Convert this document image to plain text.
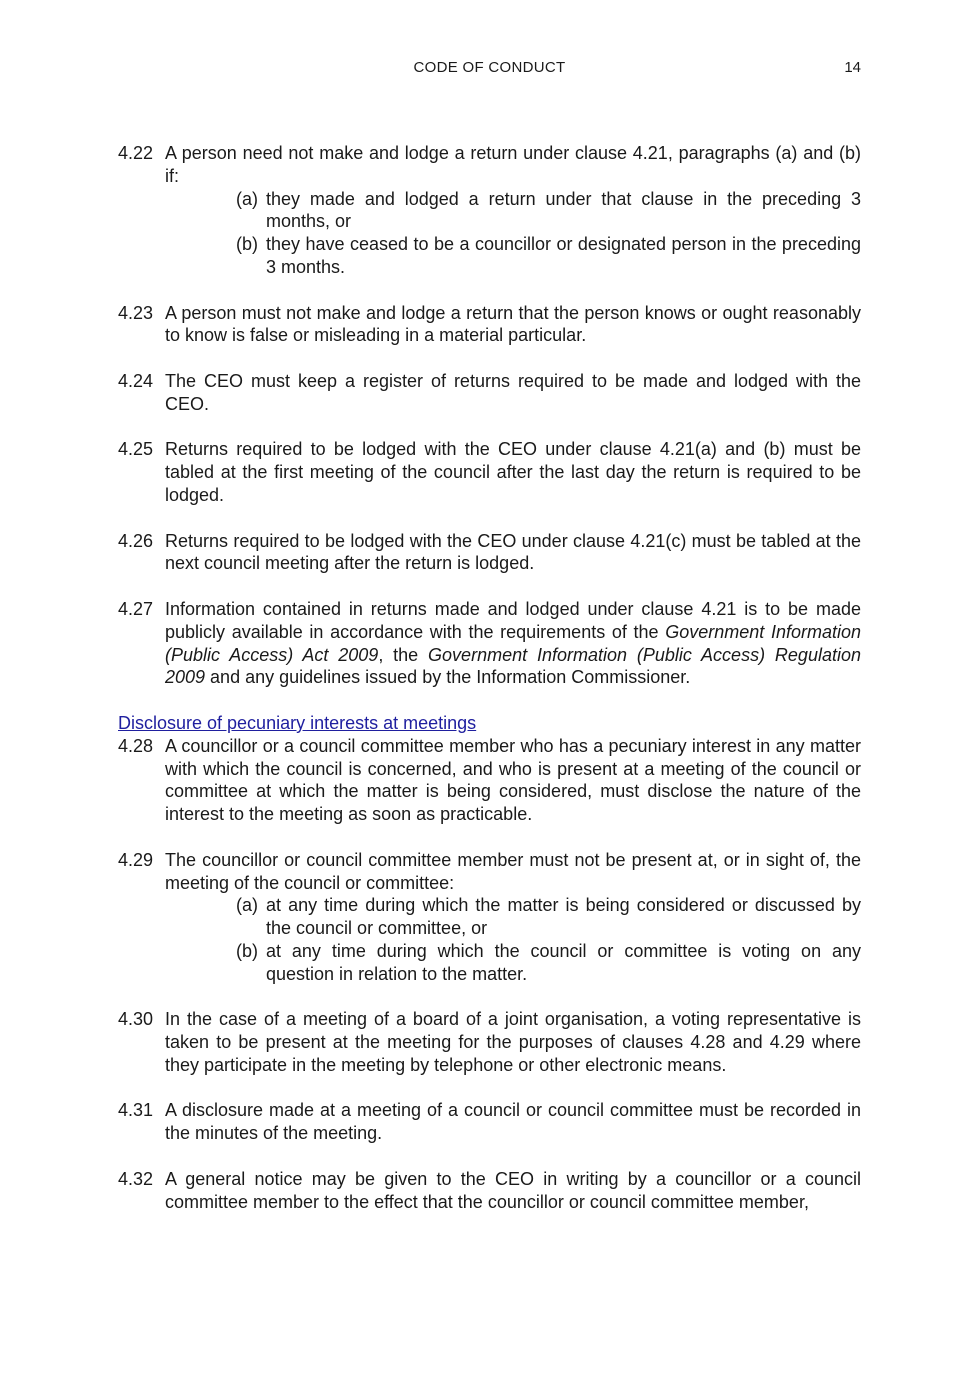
CODE OF CONDUCT	14
4.22 A person need not make and lodge a return under clause 4.21, paragraphs (a) and (b) if:

(a) they made and lodged a return under that clause in the preceding 3 months, or
(b) they have ceased to be a councillor or designated person in the preceding 3 months.
4.23 A person must not make and lodge a return that the person knows or ought reasonably to know is false or misleading in a material particular.

4.24 The CEO must keep a register of returns required to be made and lodged with the CEO.

4.25 Returns required to be lodged with the CEO under clause 4.21(a) and (b) must be tabled at the first meeting of the council after the last day the return is required to be lodged.

4.26 Returns required to be lodged with the CEO under clause 4.21(c) must be tabled at the next council meeting after the return is lodged.

4.27 Information contained in returns made and lodged under clause 4.21 is to be made publicly available in accordance with the requirements of the Government Information (Public Access) Act 2009, the Government Information (Public Access) Regulation 2009 and any guidelines issued by the Information Commissioner.

Disclosure of pecuniary interests at meetings

4.28 A councillor or a council committee member who has a pecuniary interest in any matter with which the council is concerned, and who is present at a meeting of the council or committee at which the matter is being considered, must disclose the nature of the interest to the meeting as soon as practicable.

4.29 The councillor or council committee member must not be present at, or in sight of, the meeting of the council or committee:

(a) at any time during which the matter is being considered or discussed by the council or committee, or
(b) at any time during which the council or committee is voting on any question in relation to the matter.
4.30 In the case of a meeting of a board of a joint organisation, a voting representative is taken to be present at the meeting for the purposes of clauses 4.28 and 4.29 where they participate in the meeting by telephone or other electronic means.

4.31 A disclosure made at a meeting of a council or council committee must be recorded in the minutes of the meeting.

4.32 A general notice may be given to the CEO in writing by a councillor or a council committee member to the effect that the councillor or council committee member,
